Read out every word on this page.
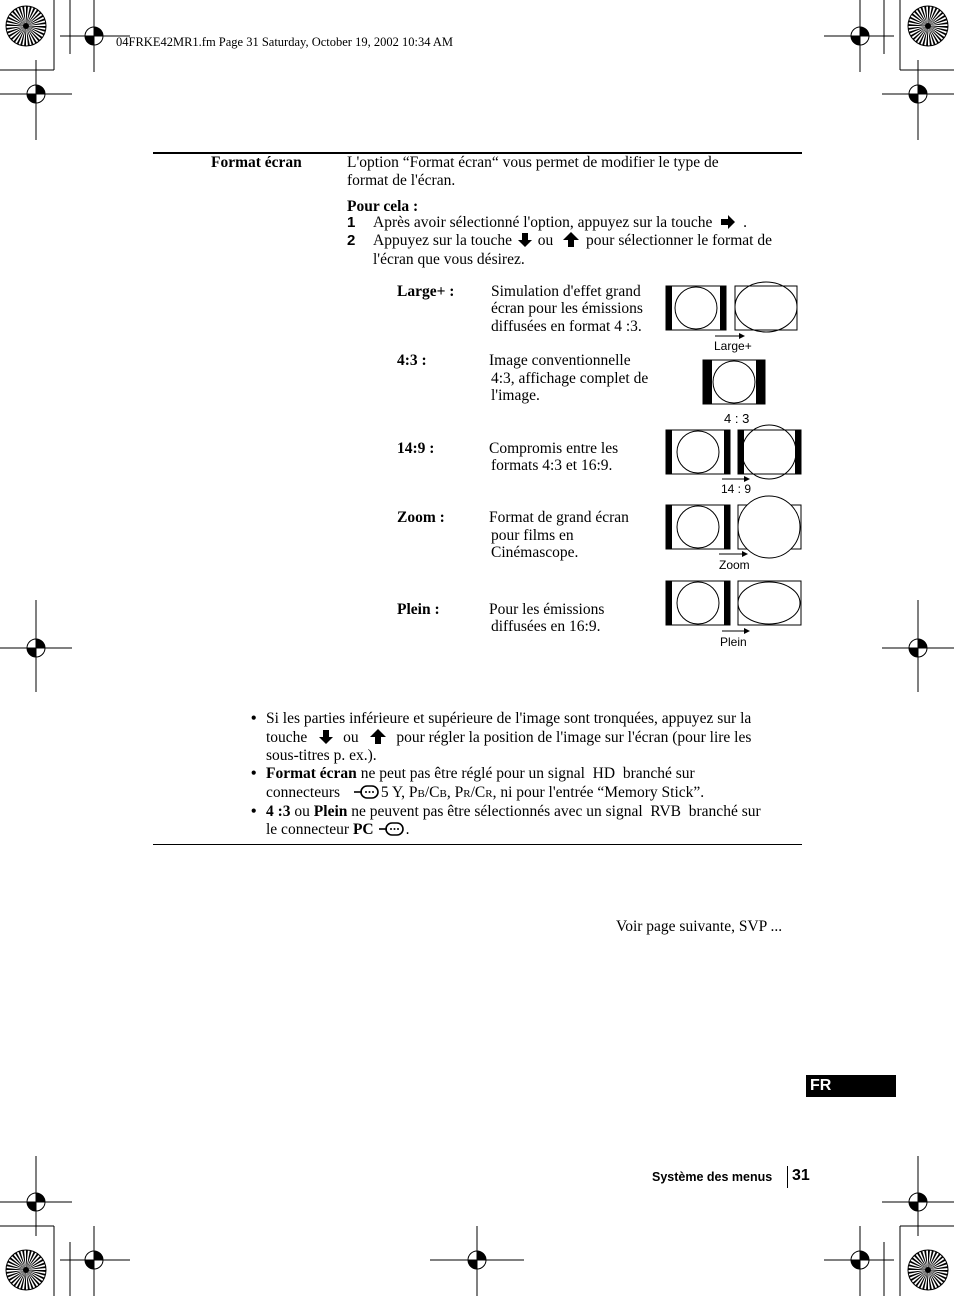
04FRKE42MR1.fm Page 31 Saturday, October 19, 2002 10:34 AM
Format écran	L'option “Format écran“ vous permet de modifier le type de
format de l'écran.
Pour cela :
1 Après avoir sélectionné l'option, appuyez sur la touche .
2 Appuyez sur la touche ou pour sélectionner le format de
l'écran que vous désirez.
Large+ : Simulation d'effet grand
écran pour les émissions
diffusées en format 4 :3.
Large+
4:3 :	Image conventionnelle
4:3, affichage complet de
l'image.
4 : 3
14:9 :	Compromis entre les
formats 4:3 et 16:9.
14 : 9
Zoom :	Format de grand écran
pour films en
Cinémascope.
Zoom
Plein :	Pour les émissions
diffusées en 16:9.
Plein
• Si les parties inférieure et supérieure de l'image sont tronquées, appuyez sur la
touche ou pour régler la position de l'image sur l'écran (pour lire les
sous-titres p. ex.).
• Format écran ne peut pas être réglé pour un signal  HD  branché sur
connecteurs	5 Y, PB/CB, PR/CR, ni pour l'entrée “Memory Stick”.
• 4 :3 ou Plein ne peuvent pas être sélectionnés avec un signal  RVB  branché sur
le connecteur PC .
Voir page suivante, SVP ...
FR
Système des menus 31
